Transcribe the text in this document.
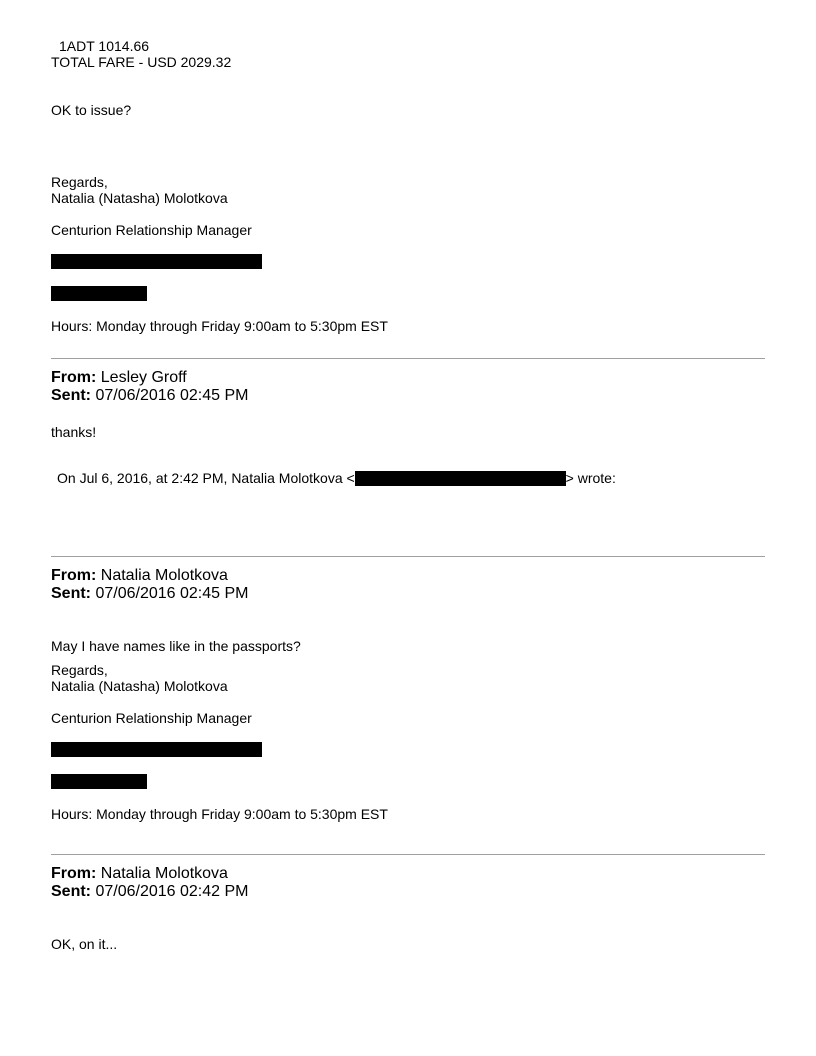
1ADT 1014.66
TOTAL FARE - USD 2029.32
OK to issue?
Regards,
Natalia (Natasha) Molotkova
Centurion Relationship Manager
Hours: Monday through Friday 9:00am to 5:30pm EST
From: Lesley Groff
Sent: 07/06/2016 02:45 PM
thanks!
On Jul 6, 2016, at 2:42 PM, Natalia Molotkova <	> wrote:
From: Natalia Molotkova
Sent: 07/06/2016 02:45 PM
May I have names like in the passports?
Regards,
Natalia (Natasha) Molotkova
Centurion Relationship Manager
Hours: Monday through Friday 9:00am to 5:30pm EST
From: Natalia Molotkova
Sent: 07/06/2016 02:42 PM
OK, on it...
